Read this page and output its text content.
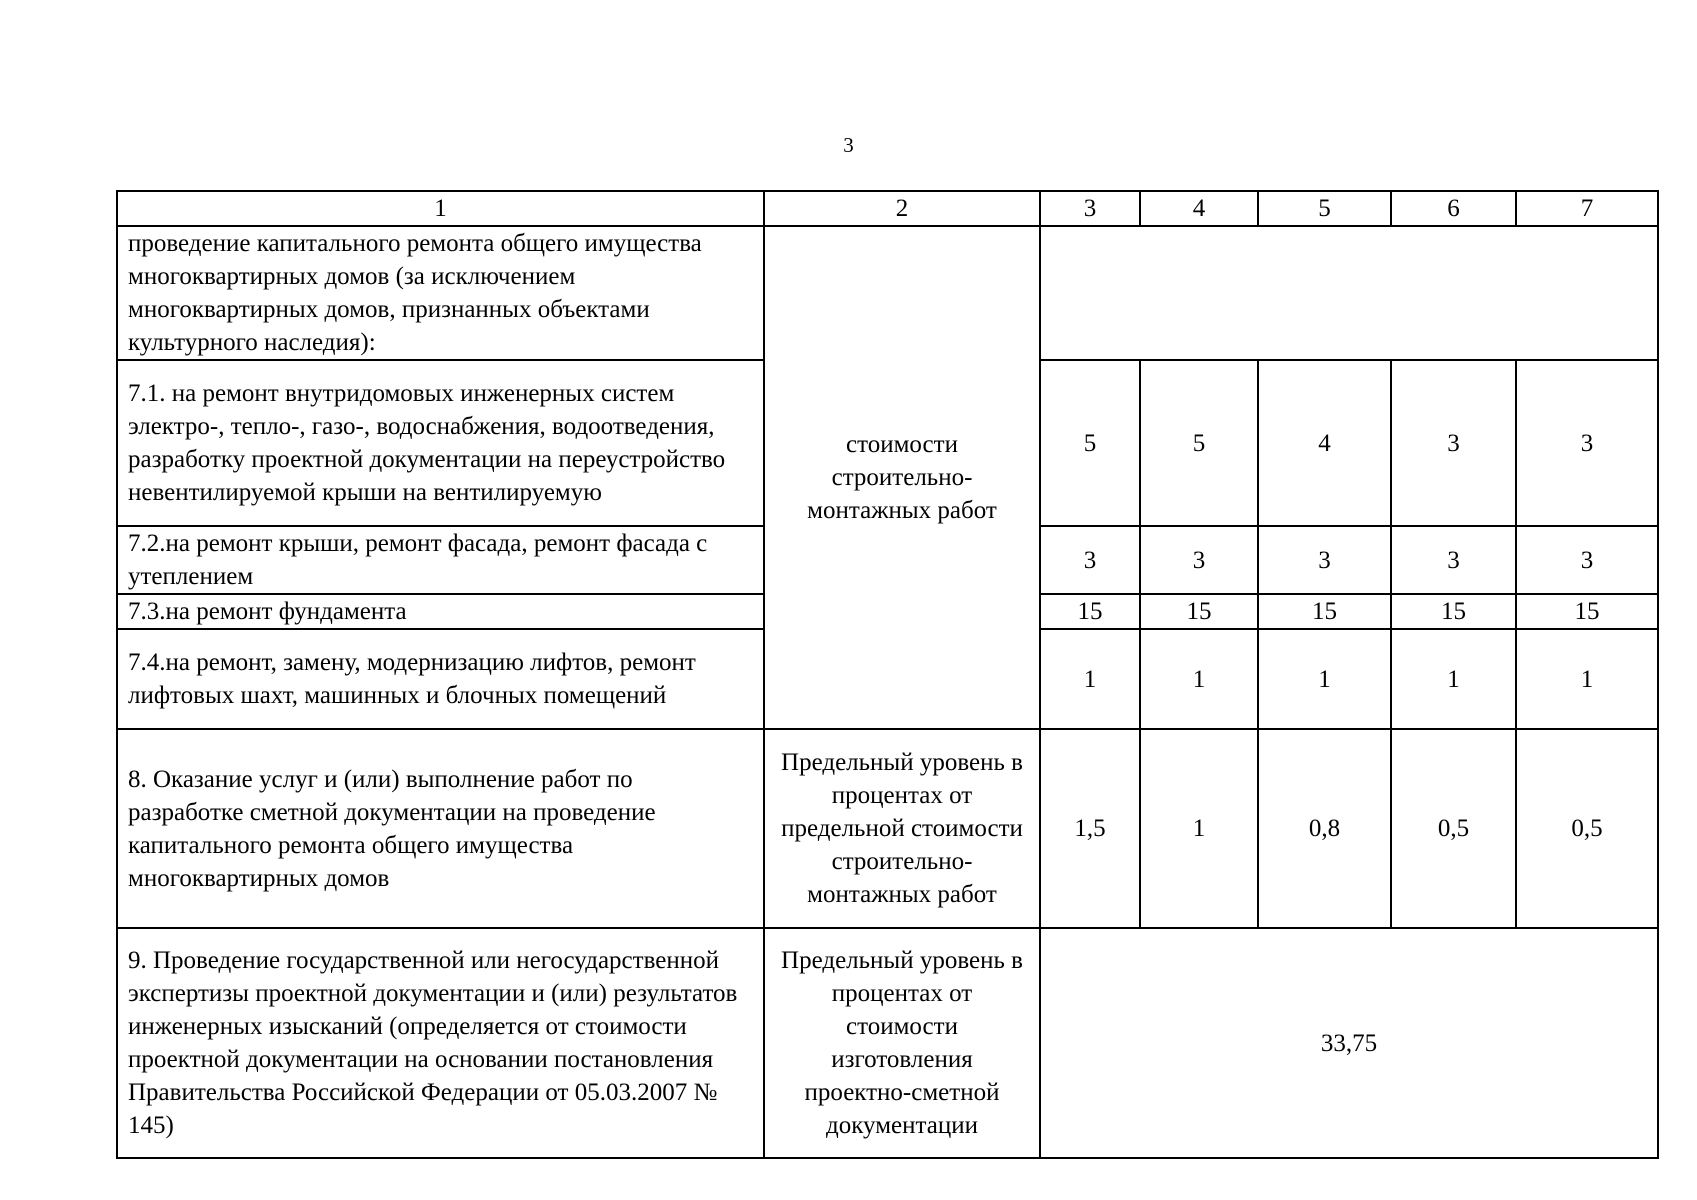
3
1	2	3	4	5	6	7
проведение капитального ремонта общего имущества многоквартирных домов (за исключением многоквартирных домов, признанных объектами культурного наследия):	стоимости строительно-монтажных работ					
7.1. на ремонт внутридомовых инженерных систем электро-, тепло-, газо-, водоснабжения, водоотведения, разработку проектной документации на переустройство невентилируемой крыши на вентилируемую		5	5	4	3	3
7.2.на ремонт крыши, ремонт фасада, ремонт фасада с утеплением		3	3	3	3	3
7.3.на ремонт фундамента		15	15	15	15	15
7.4.на ремонт, замену, модернизацию лифтов, ремонт лифтовых шахт, машинных и блочных помещений		1	1	1	1	1
8. Оказание услуг и (или) выполнение работ по разработке сметной документации на проведение капитального ремонта общего имущества многоквартирных домов	Предельный уровень в процентах от предельной стоимости строительно-монтажных работ	1,5	1	0,8	0,5	0,5
9. Проведение государственной или негосударственной экспертизы проектной документации и (или) результатов инженерных изысканий (определяется от стоимости проектной документации на основании постановления Правительства Российской Федерации от 05.03.2007 № 145)	Предельный уровень в процентах от стоимости изготовления проектно-сметной документации	33,75				
